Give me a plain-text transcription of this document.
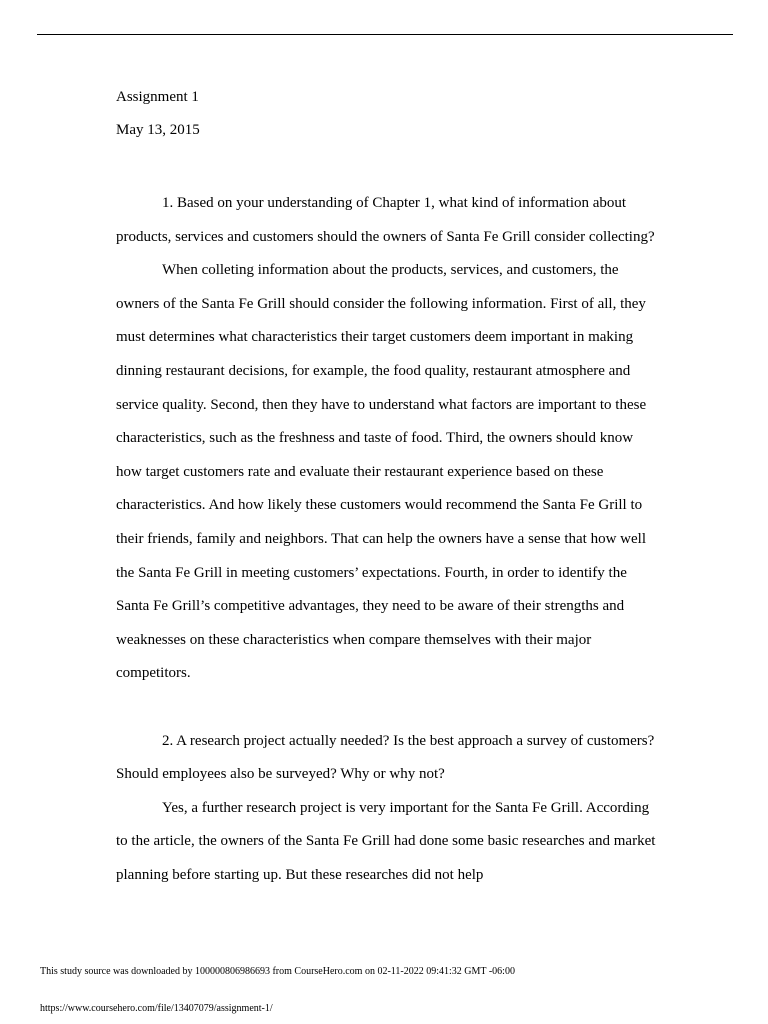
Assignment 1
May 13, 2015

1. Based on your understanding of Chapter 1, what kind of information about products, services and customers should the owners of Santa Fe Grill consider collecting?

When colleting information about the products, services, and customers, the owners of the Santa Fe Grill should consider the following information. First of all, they must determines what characteristics their target customers deem important in making dinning restaurant decisions, for example, the food quality, restaurant atmosphere and service quality. Second, then they have to understand what factors are important to these characteristics, such as the freshness and taste of food. Third, the owners should know how target customers rate and evaluate their restaurant experience based on these characteristics. And how likely these customers would recommend the Santa Fe Grill to their friends, family and neighbors. That can help the owners have a sense that how well the Santa Fe Grill in meeting customers’ expectations. Fourth, in order to identify the Santa Fe Grill’s competitive advantages, they need to be aware of their strengths and weaknesses on these characteristics when compare themselves with their major competitors.

2. A research project actually needed? Is the best approach a survey of customers? Should employees also be surveyed? Why or why not?

Yes, a further research project is very important for the Santa Fe Grill. According to the article, the owners of the Santa Fe Grill had done some basic researches and market planning before starting up. But these researches did not help

This study source was downloaded by 100000806986693 from CourseHero.com on 02-11-2022 09:41:32 GMT -06:00
https://www.coursehero.com/file/13407079/assignment-1/
